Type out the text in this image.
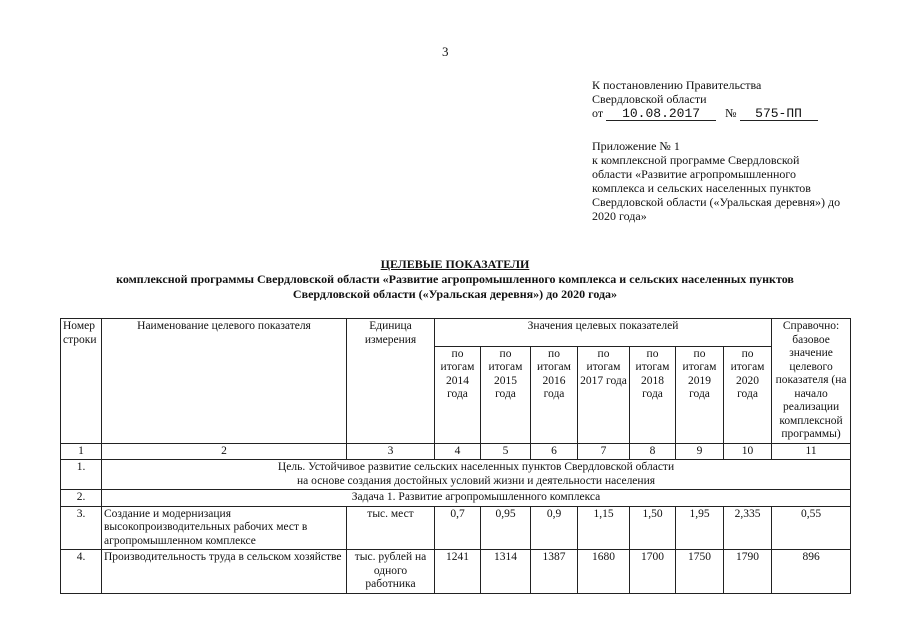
3
К постановлению Правительства
Свердловской области
от 10.08.2017 № 575-ПП
Приложение № 1
к комплексной программе Свердловской области «Развитие агропромышленного комплекса и сельских населенных пунктов Свердловской области («Уральская деревня») до 2020 года»
ЦЕЛЕВЫЕ ПОКАЗАТЕЛИ
комплексной программы Свердловской области «Развитие агропромышленного комплекса и сельских населенных пунктов
Свердловской области («Уральская деревня») до 2020 года»
Номер строки	Наименование целевого показателя	Единица измерения	Значения целевых показателей							Справочно: базовое значение целевого показателя (на начало реализации комплексной программы)
			по итогам 2014 года	по итогам 2015 года	по итогам 2016 года	по итогам 2017 года	по итогам 2018 года	по итогам 2019 года	по итогам 2020 года	
1	2	3	4	5	6	7	8	9	10	11
1.	Цель. Устойчивое развитие сельских населенных пунктов Свердловской области
на основе создания достойных условий жизни и деятельности населения									

2.	Задача 1. Развитие агропромышленного комплекса									
3.	Создание и модернизация высокопроизводительных рабочих мест в агропромышленном комплексе	тыс. мест	0,7	0,95	0,9	1,15	1,50	1,95	2,335	0,55
4.	Производительность труда в сельском хозяйстве	тыс. рублей на одного работника	1241	1314	1387	1680	1700	1750	1790	896
